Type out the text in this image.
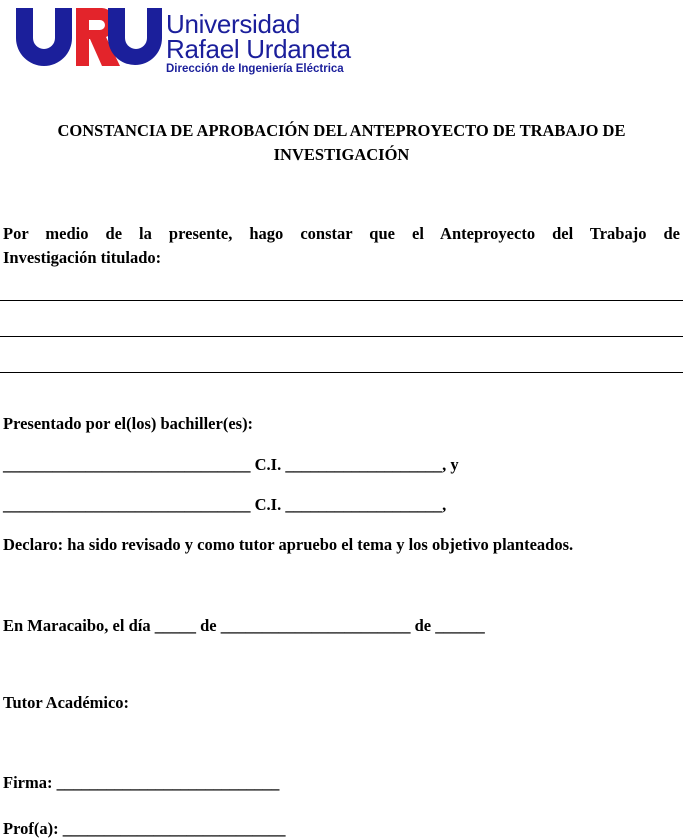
Universidad
Rafael Urdaneta
Dirección de Ingeniería Eléctrica
CONSTANCIA DE APROBACIÓN DEL ANTEPROYECTO DE TRABAJO DE
INVESTIGACIÓN
Por medio de la presente, hago constar que el Anteproyecto del Trabajo de
Investigación titulado:
Presentado por el(los) bachiller(es):
______________________________ C.I. ___________________, y
______________________________ C.I. ___________________,
Declaro: ha sido revisado y como tutor apruebo el tema y los objetivo planteados.
En Maracaibo, el día _____ de _______________________ de ______
Tutor Académico:
Firma: ___________________________
Prof(a): ___________________________
